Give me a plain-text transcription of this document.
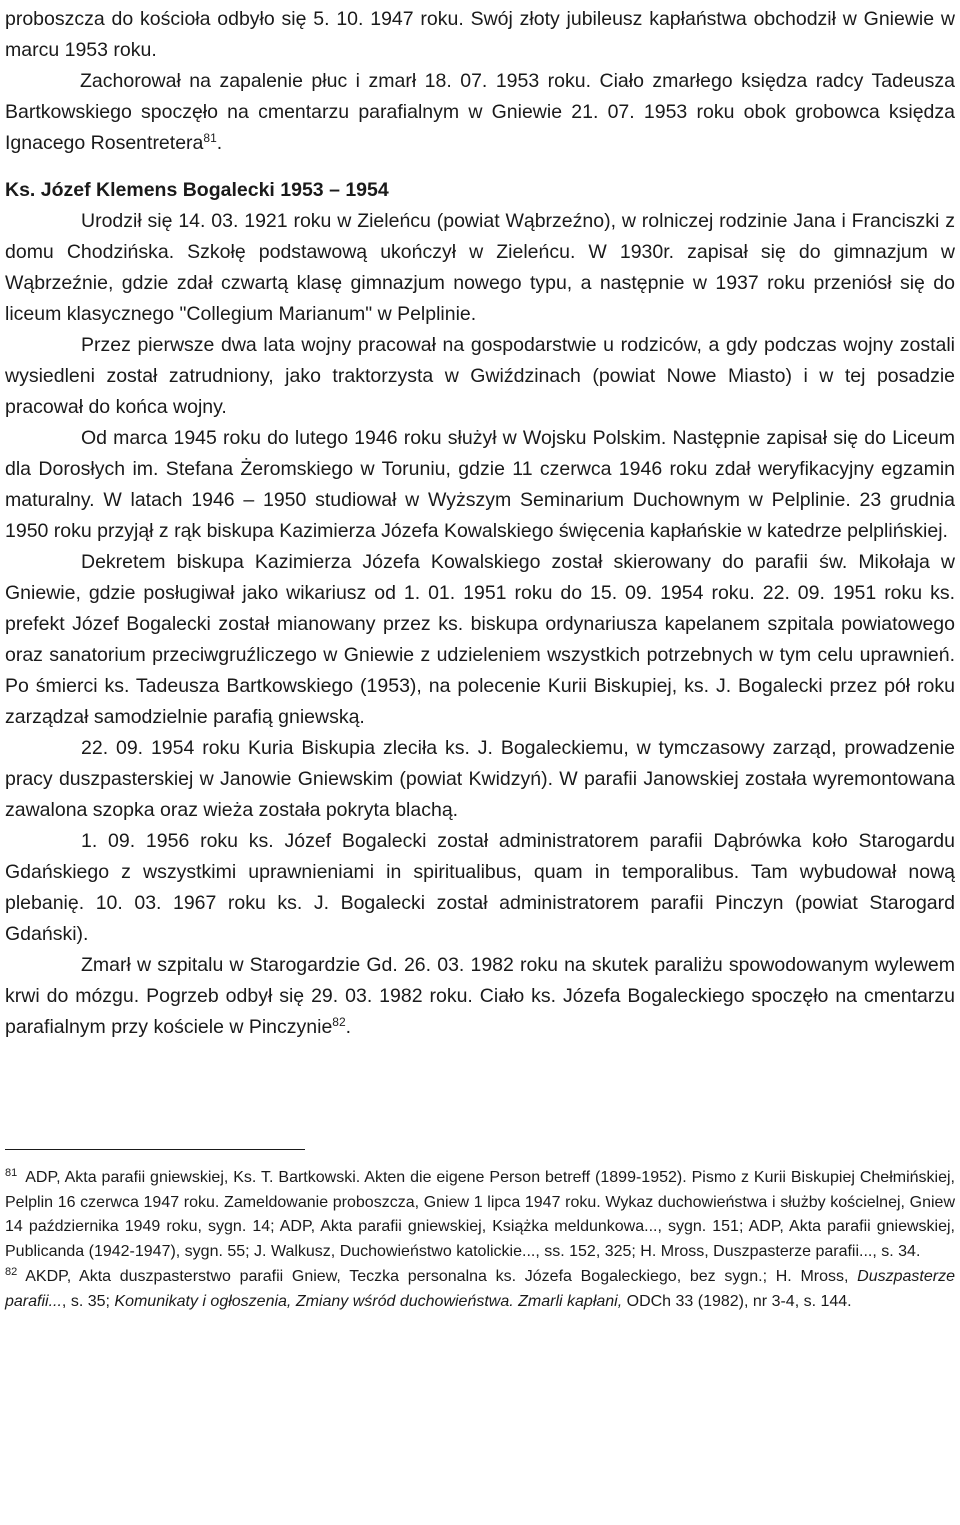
proboszcza do kościoła odbyło się 5. 10. 1947 roku. Swój złoty jubileusz kapłaństwa obchodził w Gniewie w marcu 1953 roku.

Zachorował na zapalenie płuc i zmarł 18. 07. 1953 roku. Ciało zmarłego księdza radcy Tadeusza Bartkowskiego spoczęło na cmentarzu parafialnym w Gniewie 21. 07. 1953 roku obok grobowca księdza Ignacego Rosentretera$^{81}$.

Ks. Józef Klemens Bogalecki 1953 – 1954

Urodził się 14. 03. 1921 roku w Zieleńcu (powiat Wąbrzeźno), w rolniczej rodzinie Jana i Franciszki z domu Chodzińska. Szkołę podstawową ukończył w Zieleńcu. W 1930r. zapisał się do gimnazjum w Wąbrzeźnie, gdzie zdał czwartą klasę gimnazjum nowego typu, a następnie w 1937 roku przeniósł się do liceum klasycznego "Collegium Marianum" w Pelplinie.

Przez pierwsze dwa lata wojny pracował na gospodarstwie u rodziców, a gdy podczas wojny zostali wysiedleni został zatrudniony, jako traktorzysta w Gwiździnach (powiat Nowe Miasto) i w tej posadzie pracował do końca wojny.

Od marca 1945 roku do lutego 1946 roku służył w Wojsku Polskim. Następnie zapisał się do Liceum dla Dorosłych im. Stefana Żeromskiego w Toruniu, gdzie 11 czerwca 1946 roku zdał weryfikacyjny egzamin maturalny. W latach 1946 – 1950 studiował w Wyższym Seminarium Duchownym w Pelplinie. 23 grudnia 1950 roku przyjął z rąk biskupa Kazimierza Józefa Kowalskiego święcenia kapłańskie w katedrze pelplińskiej.

Dekretem biskupa Kazimierza Józefa Kowalskiego został skierowany do parafii św. Mikołaja w Gniewie, gdzie posługiwał jako wikariusz od 1. 01. 1951 roku do 15. 09. 1954 roku. 22. 09. 1951 roku ks. prefekt Józef Bogalecki został mianowany przez ks. biskupa ordynariusza kapelanem szpitala powiatowego oraz sanatorium przeciwgruźliczego w Gniewie z udzieleniem wszystkich potrzebnych w tym celu uprawnień. Po śmierci ks. Tadeusza Bartkowskiego (1953), na polecenie Kurii Biskupiej, ks. J. Bogalecki przez pół roku zarządzał samodzielnie parafią gniewską.

22. 09. 1954 roku Kuria Biskupia zleciła ks. J. Bogaleckiemu, w tymczasowy zarząd, prowadzenie pracy duszpasterskiej w Janowie Gniewskim (powiat Kwidzyń). W parafii Janowskiej została wyremontowana zawalona szopka oraz wieża została pokryta blachą.

1. 09. 1956 roku ks. Józef Bogalecki został administratorem parafii Dąbrówka koło Starogardu Gdańskiego z wszystkimi uprawnieniami in spiritualibus, quam in temporalibus. Tam wybudował nową plebanię. 10. 03. 1967 roku ks. J. Bogalecki został administratorem parafii Pinczyn (powiat Starogard Gdański).

Zmarł w szpitalu w Starogardzie Gd. 26. 03. 1982 roku na skutek paraliżu spowodowanym wylewem krwi do mózgu. Pogrzeb odbył się 29. 03. 1982 roku. Ciało ks. Józefa Bogaleckiego spoczęło na cmentarzu parafialnym przy kościele w Pinczynie$^{82}$.

$^{81}$ ADP, Akta parafii gniewskiej, Ks. T. Bartkowski. Akten die eigene Person betreff (1899-1952). Pismo z Kurii Biskupiej Chełmińskiej, Pelplin 16 czerwca 1947 roku. Zameldowanie proboszcza, Gniew 1 lipca 1947 roku. Wykaz duchowieństwa i służby kościelnej, Gniew 14 października 1949 roku, sygn. 14; ADP, Akta parafii gniewskiej, Książka meldunkowa..., sygn. 151; ADP, Akta parafii gniewskiej, Publicanda (1942-1947), sygn. 55; J. Walkusz, Duchowieństwo katolickie..., ss. 152, 325; H. Mross, Duszpasterze parafii..., s. 34.

$^{82}$ AKDP, Akta duszpasterstwo parafii Gniew, Teczka personalna ks. Józefa Bogaleckiego, bez sygn.; H. Mross, Duszpasterze parafii..., s. 35; Komunikaty i ogłoszenia, Zmiany wśród duchowieństwa. Zmarli kapłani, ODCh 33 (1982), nr 3-4, s. 144.
